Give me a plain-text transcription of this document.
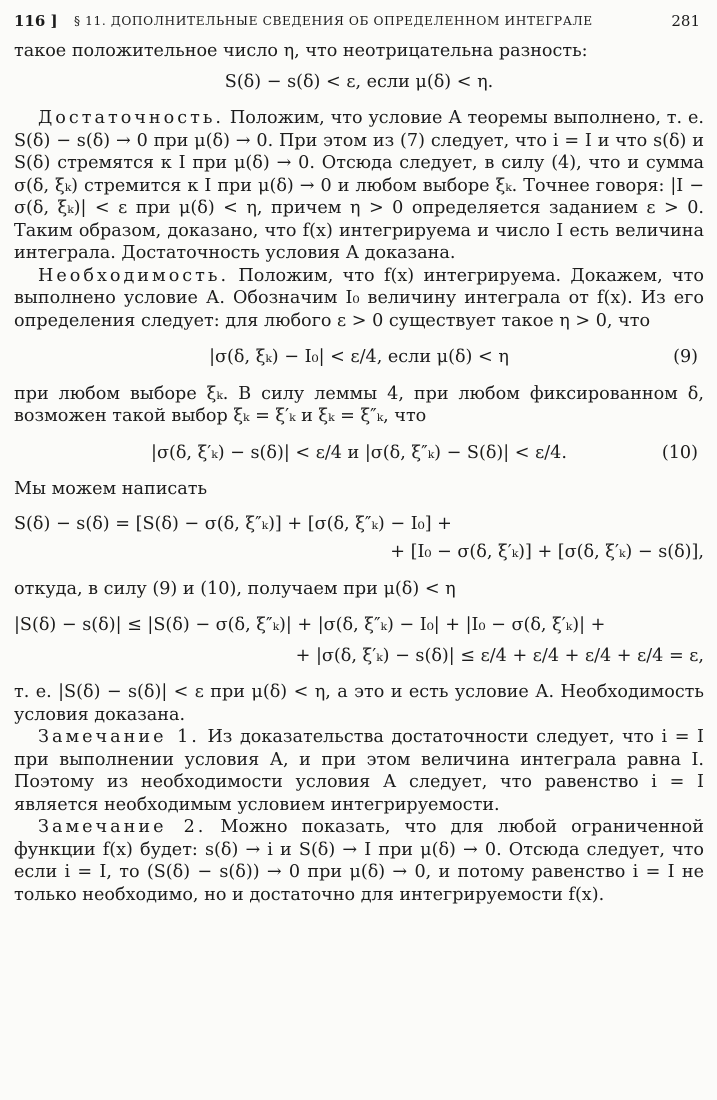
116 ] § 11. ДОПОЛНИТЕЛЬНЫЕ СВЕДЕНИЯ ОБ ОПРЕДЕЛЕННОМ ИНТЕГРАЛЕ	281

такое положительное число η, что неотрицательна разность:

S(δ) − s(δ) < ε, если μ(δ) < η.

Достаточность. Положим, что условие А теоремы выполнено, т. е. S(δ) − s(δ) → 0 при μ(δ) → 0. При этом из (7) следует, что i = I и что s(δ) и S(δ) стремятся к I при μ(δ) → 0. Отсюда следует, в силу (4), что и сумма σ(δ, ξₖ) стремится к I при μ(δ) → 0 и любом выборе ξₖ. Точнее говоря: |I − σ(δ, ξₖ)| < ε при μ(δ) < η, причем η > 0 определяется заданием ε > 0. Таким образом, доказано, что f(x) интегрируема и число I есть величина интеграла. Достаточность условия А доказана.

Необходимость. Положим, что f(x) интегрируема. Докажем, что выполнено условие А. Обозначим I₀ величину интеграла от f(x). Из его определения следует: для любого ε > 0 существует такое η > 0, что

|σ(δ, ξₖ) − I₀| < ε/4, если μ(δ) < η	(9)

при любом выборе ξₖ. В силу леммы 4, при любом фиксированном δ, возможен такой выбор ξₖ = ξ′ₖ и ξₖ = ξ″ₖ, что

|σ(δ, ξ′ₖ) − s(δ)| < ε/4 и |σ(δ, ξ″ₖ) − S(δ)| < ε/4.	(10)

Мы можем написать

S(δ) − s(δ) = [S(δ) − σ(δ, ξ″ₖ)] + [σ(δ, ξ″ₖ) − I₀] +

+ [I₀ − σ(δ, ξ′ₖ)] + [σ(δ, ξ′ₖ) − s(δ)],

откуда, в силу (9) и (10), получаем при μ(δ) < η

|S(δ) − s(δ)| ≤ |S(δ) − σ(δ, ξ″ₖ)| + |σ(δ, ξ″ₖ) − I₀| + |I₀ − σ(δ, ξ′ₖ)| +

+ |σ(δ, ξ′ₖ) − s(δ)| ≤ ε/4 + ε/4 + ε/4 + ε/4 = ε,

т. е. |S(δ) − s(δ)| < ε при μ(δ) < η, а это и есть условие А. Необходимость условия доказана.

Замечание 1. Из доказательства достаточности следует, что i = I при выполнении условия А, и при этом величина интеграла равна I. Поэтому из необходимости условия А следует, что равенство i = I является необходимым условием интегрируемости.

Замечание 2. Можно показать, что для любой ограниченной функции f(x) будет: s(δ) → i и S(δ) → I при μ(δ) → 0. Отсюда следует, что если i = I, то (S(δ) − s(δ)) → 0 при μ(δ) → 0, и потому равенство i = I не только необходимо, но и достаточно для интегрируемости f(x).
